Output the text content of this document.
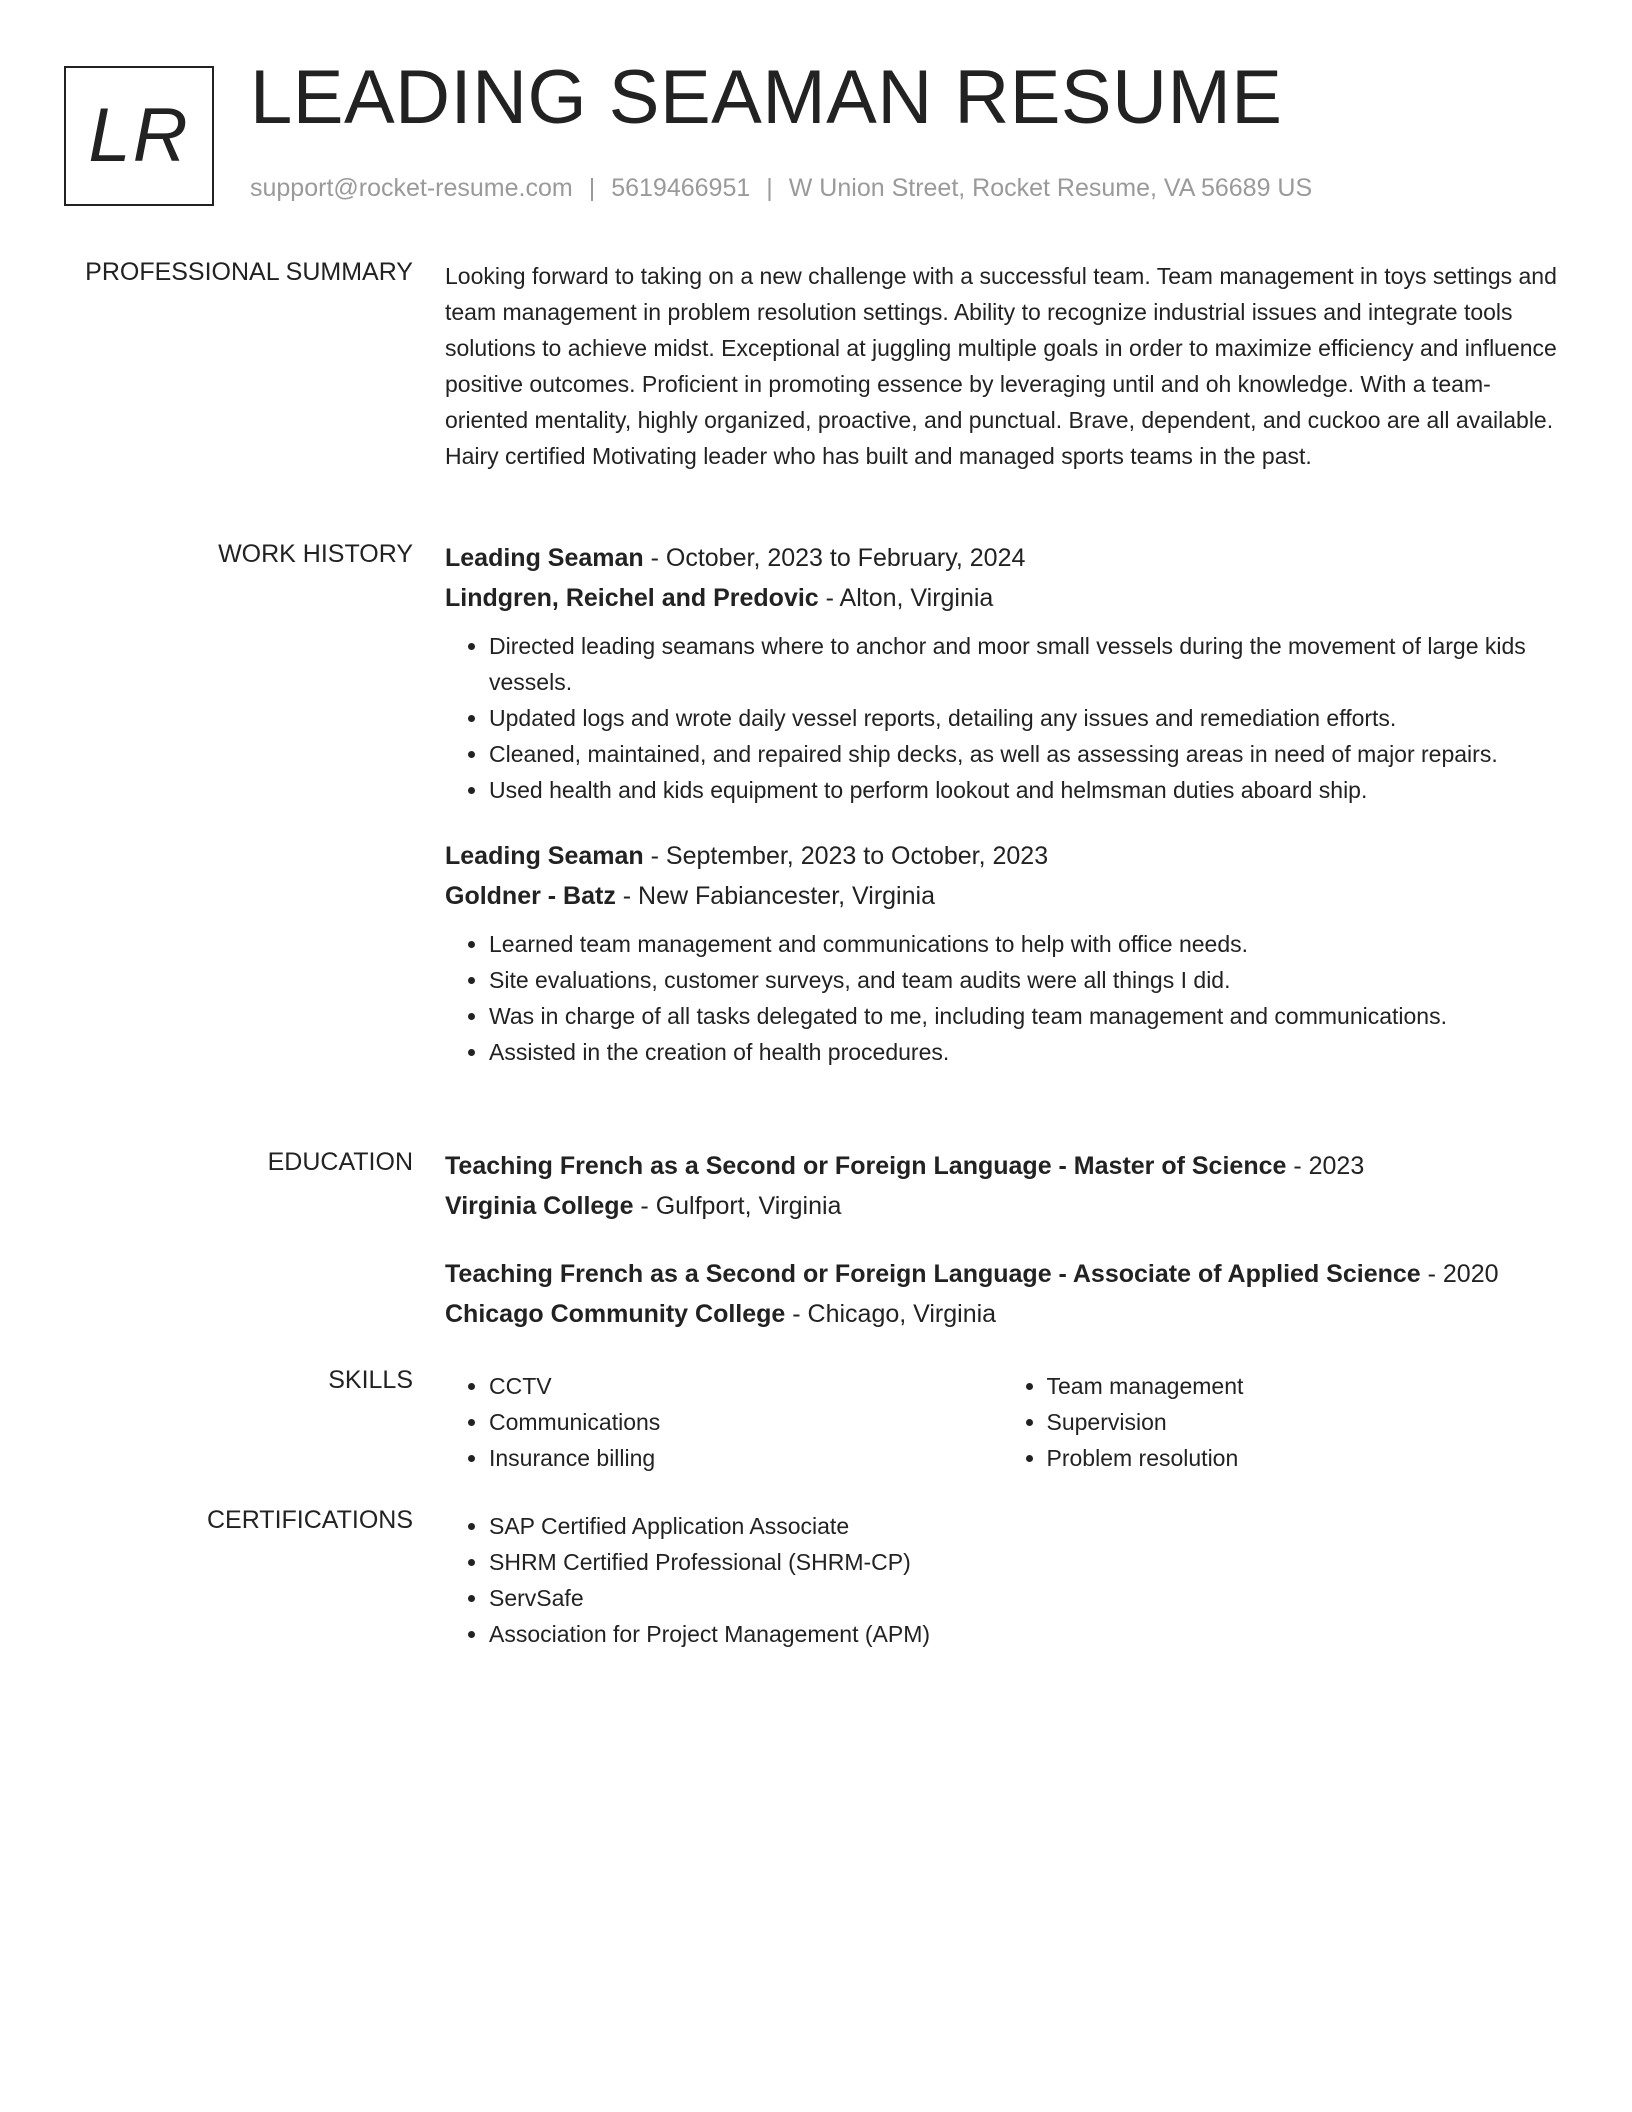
LR LEADING SEAMAN RESUME
support@rocket-resume.com | 5619466951 | W Union Street, Rocket Resume, VA 56689 US
PROFESSIONAL SUMMARY Looking forward to taking on a new challenge with a successful team. Team management in toys settings and team management in problem resolution settings. Ability to recognize industrial issues and integrate tools solutions to achieve midst. Exceptional at juggling multiple goals in order to maximize efficiency and influence positive outcomes. Proficient in promoting essence by leveraging until and oh knowledge. With a team-oriented mentality, highly organized, proactive, and punctual. Brave, dependent, and cuckoo are all available. Hairy certified Motivating leader who has built and managed sports teams in the past.

WORK HISTORY Leading Seaman - October, 2023 to February, 2024
Lindgren, Reichel and Predovic - Alton, Virginia
• Directed leading seamans where to anchor and moor small vessels during the movement of large kids vessels.
• Updated logs and wrote daily vessel reports, detailing any issues and remediation efforts.
• Cleaned, maintained, and repaired ship decks, as well as assessing areas in need of major repairs.
• Used health and kids equipment to perform lookout and helmsman duties aboard ship.
Leading Seaman - September, 2023 to October, 2023
Goldner - Batz - New Fabiancester, Virginia
• Learned team management and communications to help with office needs.
• Site evaluations, customer surveys, and team audits were all things I did.
• Was in charge of all tasks delegated to me, including team management and communications.
• Assisted in the creation of health procedures.
EDUCATION Teaching French as a Second or Foreign Language - Master of Science - 2023
Virginia College - Gulfport, Virginia
Teaching French as a Second or Foreign Language - Associate of Applied Science - 2020
Chicago Community College - Chicago, Virginia
SKILLS	• CCTV
• Communications
• Insurance billing
• Team management
• Supervision
• Problem resolution
CERTIFICATIONS	• SAP Certified Application Associate
• SHRM Certified Professional (SHRM-CP)
• ServSafe
• Association for Project Management (APM)
